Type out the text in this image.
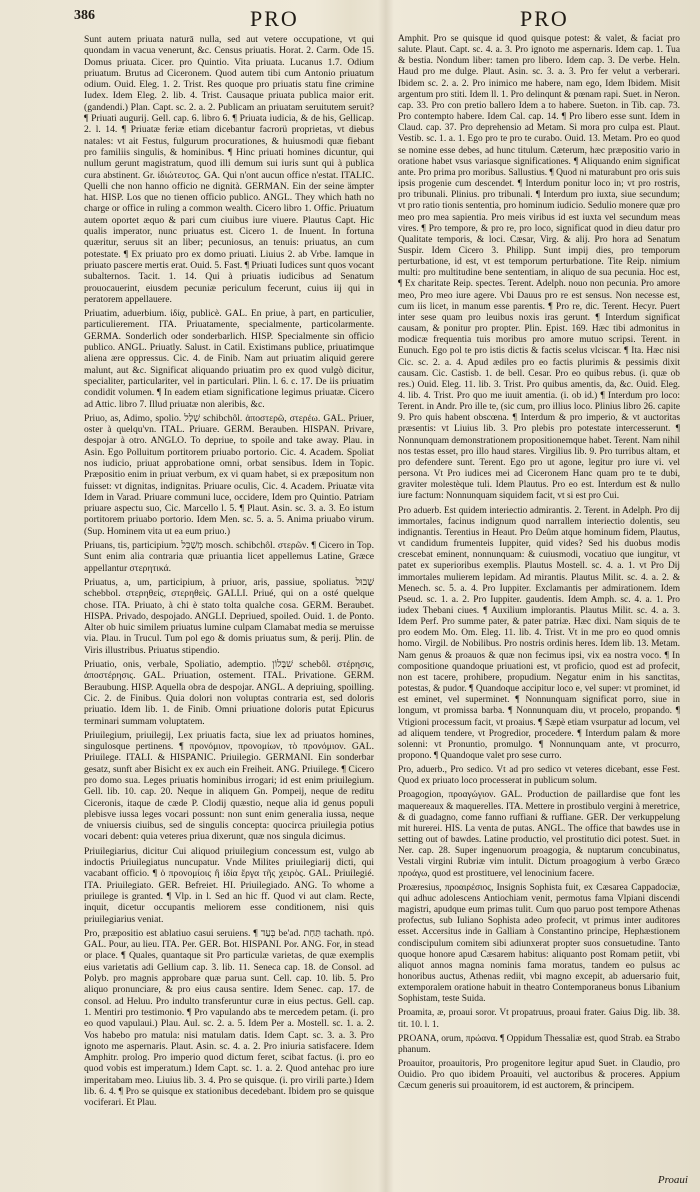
386	PRO	PRO

Sunt autem priuata naturā nulla, sed aut vetere occupatione, vt qui quondam in vacua venerunt, &c. Census priuatis. Horat. 2. Carm. Ode 15. Domus priuata. Cicer. pro Quintio. Vita priuata. Lucanus 1.7. Odium priuatum. Brutus ad Ciceronem. Quod autem tibi cum Antonio priuatum odium. Ouid. Eleg. 1. 2. Trist. Res quoque pro priuatis statu fine crimine Iudex. Idem Eleg. 2. lib. 4. Trist. Causaque priuata publica maior erit. (gandendi.) Plan. Capt. sc. 2. a. 2. Publicam an priuatam seruitutem seruit? ¶ Priuati augurij. Gell. cap. 6. libro 6. ¶ Priuata iudicia, & de his, Gellicap. 2. l. 14. ¶ Priuatæ feriæ etiam dicebantur facrorü proprietas, vt diebus natales: vt ait Festus, fulgurum procurationes, & huiusmodi quæ fiebant pro familiis singulis, & hominibus. ¶ Hinc priuati homines dicuntur, qui nullum gerunt magistratum, quod illi demum sui iuris sunt qui à publica cura abstinent. Gr. ἰδιώτευτος. GA. Qui n'ont aucun office n'estat. ITALIC. Quelli che non hanno officio ne dignità. GERMAN. Ein der seine ämpter hat. HISP. Los que no tienen officio publico. ANGL. They which hath no charge or office in ruling a common wealth. Cicero libro 1. Offic. Priuatum autem oportet æquo & pari cum ciuibus iure viuere. Plautus Capt. Hic qualis imperator, nunc priuatus est. Cicero 1. de Inuent. In fortuna quæritur, seruus sit an liber; pecuniosus, an tenuis: priuatus, an cum potestate. ¶ Ex priuato pro ex domo priuati. Liuius 2. ab Vrbe. Iamque in priuato pascere mertis erat. Ouid. 5. Fast. ¶ Priuati Iudices sunt quos vocant subalternos. Tacit. 1. 14. Qui à priuatis iudicibus ad Senatum prouocauerint, eiusdem pecuniæ periculum fecerunt, cuius iij qui in peratorem appellauere.

Priuatim, aduerbium. ἰδίᾳ, publicè. GAL. En priue, à part, en particulier, particulierement. ITA. Priuatamente, specialmente, particolarmente. GERMA. Sonderlich oder sonderbarlich. HISP. Specialmente sin officio publico. ANGL. Priuatly. Salust. in Catil. Existimans publice, priuatimque aliena ære oppressus. Cic. 4. de Finib. Nam aut priuatim aliquid gerere malunt, aut &c. Significat aliquando priuatim pro ex quod vulgò dicitur, specialiter, particulariter, vel in particulari. Plin. l. 6. c. 17. De iis priuatim condidit volumen. ¶ In eadem etiam significatione legimus priuatæ. Cicero ad Attic. libro 7. Illud priuatæ non aleribis, &c.

Priuo, as, Adimo, spolio. שָׁלַל schibchôl. ἀποστερῶ, στερέω. GAL. Priuer, oster à quelqu'vn. ITAL. Priuare. GERM. Berauben. HISPAN. Privare, despojar à otro. ANGLO. To depriue, to spoile and take away. Plau. in Asin. Ego Polluitum portitorem priuabo portorio. Cic. 4. Academ. Spoliat nos iudicio, priuat approbatione omni, orbat sensibus. Idem in Topic. Præpositio enim in priuat verbum, ex vi quam habet, si ex præpositum non fuisset: vt dignitas, indignitas. Priuare oculis, Cic. 4. Academ. Priuatæ vita Idem in Varad. Priuare communi luce, occidere, Idem pro Quintio. Patriam priuare aspectu suo, Cic. Marcello l. 5. ¶ Plaut. Asin. sc. 3. a. 3. Eo istum portitorem priuabo portorio. Idem Men. sc. 5. a. 5. Anima priuabo virum. (Sup. Hominem vita ut ea eum priuo.)

Priuans, tis, participium. מְשַׁכֵּל mosch. schibchôl. στερῶν. ¶ Cicero in Top. Sunt enim alia contraria quæ priuantia licet appellemus Latine, Græce appellantur στερητικά.

Priuatus, a, um, participium, à priuor, aris, passiue, spoliatus. שָׁבוּל schebbol. στερηθείς, στερηθεὶς. GALLI. Priué, qui on a osté quelque chose. ITA. Priuato, à chi è stato tolta qualche cosa. GERM. Beraubet. HISPA. Privado, despojado. ANGLI. Depriued, spoiled. Ouid. 1. de Ponto. Alter ob huic similem priuatus lumine culpam Clamabat media se meruisse via. Plau. in Trucul. Tum pol ego & domis priuatus sum, & perij. Plin. de Viris illustribus. Priuatus stipendio.

Priuatio, onis, verbale, Spoliatio, ademptio. שִׁבָּלוֹן schebôl. στέρησις, ἀποστέρησις. GAL. Priuation, ostement. ITAL. Privatione. GERM. Beraubung. HISP. Aquella obra de despojar. ANGL. A depriuing, spoilling. Cic. 2. de Finibus. Quia dolori non voluptas contraria est, sed doloris priuatio. Idem lib. 1. de Finib. Omni priuatione doloris putat Epicurus terminari summam voluptatem.

Priuilegium, priuilegij, Lex priuatis facta, siue lex ad priuatos homines, singulosque pertinens. ¶ προνόμιον, προνομίων, τὸ προνόμιον. GAL. Priuilege. ITALI. & HISPANIC. Priuilegio. GERMANI. Ein sonderbar gesatz, sunft aber Bisicht ex ex auch ein Freiheit. ANG. Priuilege. ¶ Cicero pro domo sua. Leges priuatis hominibus irrogari; id est enim priuilegium. Gell. lib. 10. cap. 20. Neque in aliquem Gn. Pompeij, neque de reditu Ciceronis, itaque de cæde P. Clodij quæstio, neque alia id genus populi plebisve iussa leges vocari possunt: non sunt enim generalia iussa, neque de vniuersis ciuibus, sed de singulis concepta: quocirca priuilegia potius vocari debent: quia veteres priua dixerunt, quæ nos singula dicimus.

Priuilegiarius, dicitur Cui aliquod priuilegium concessum est, vulgo ab indoctis Priuilegiatus nuncupatur. Vnde Milites priuilegiarij dicti, qui vacabant officio. ¶ ὁ προνομίοις ἢ ἰδία ἔργα τῆς χειρὸς. GAL. Priuilegié. ITA. Priuilegiato. GER. Befreiet. HI. Priuilegiado. ANG. To whome a priuilege is granted. ¶ Vlp. in l. Sed an hic ff. Quod vi aut clam. Recte, inquit, dicetur occupantis meliorem esse conditionem, nisi quis priuilegiarius veniat.

Pro, præpositio est ablatiuo casui seruiens. ¶ בְּעַד be'ad. תַּחַת tachath. πρό. GAL. Pour, au lieu. ITA. Per. GER. Bot. HISPANI. Por. ANG. For, in stead or place. ¶ Quales, quantaque sit Pro particulæ varietas, de quæ exemplis eius varietatis adi Gellium cap. 3. lib. 11. Seneca cap. 18. de Consol. ad Polyb. pro magnis approbare quæ parua sunt. Cell. cap. 10. lib. 5. Pro aliquo pronunciare, & pro eius causa sentire. Idem Senec. cap. 17. de consol. ad Heluu. Pro indulto transferuntur curæ in eius pectus. Gell. cap. 1. Mentiri pro testimonio. ¶ Pro vapulando abs te mercedem petam. (i. pro eo quod vapulaui.) Plau. Aul. sc. 2. a. 5. Idem Per a. Mostell. sc. 1. a. 2. Vos habebo pro matula: nisi matulam datis. Idem Capt. sc. 3. a. 3. Pro ignoto me aspernaris. Plaut. Asin. sc. 4. a. 2. Pro iniuria satisfacere. Idem Amphitr. prolog. Pro imperio quod dictum feret, scibat factus. (i. pro eo quod vobis est imperatum.) Idem Capt. sc. 1. a. 2. Quod antehac pro iure imperitabam meo. Liuius lib. 3. 4. Pro se quisque. (i. pro virili parte.) Idem lib. 6. 4. ¶ Pro se quisque ex stationibus decedebant. Ibidem pro se quisque vociferari. Et Plau.

Amphit. Pro se quisque id quod quisque potest: & valet, & faciat pro salute. Plaut. Capt. sc. 4. a. 3. Pro ignoto me aspernaris. Idem cap. 1. Tua & bestia. Nondum liber: tamen pro libero. Idem cap. 3. De verbe. Heln. Haud pro me dulge. Plaut. Asin. sc. 3. a. 3. Pro fer velut a verberari. Ibidem sc. 2. a. 2. Pro inimico me habere, nam ego, Idem Ibidem. Misit argentum pro stiti. Idem ll. 1. Pro delinqunt & pœnam rapi. Suet. in Neron. cap. 33. Pro con pretio ballero Idem a to habere. Sueton. in Tib. cap. 73. Pro contempto habere. Idem Cal. cap. 14. ¶ Pro libero esse sunt. Idem in Claud. cap. 37. Pro deprehensio ad Metam. Si mora pro culpa est. Plaut. Vestib. sc. 1. a. 1. Ego pro te pro te curabo. Ouid. 13. Metam. Pro eo quod se nomine esse debes, ad hunc titulum. Cæterum, hæc præpositio vario in oratione habet vsus variasque significationes. ¶ Aliquando enim significat ante. Pro prima pro moribus. Sallustius. ¶ Quod ni maturabunt pro oris suis ipsis progenie cum descendet. ¶ Interdum ponitur loco in; vt pro rostris, pro tribunali. Plinius. pro tribunali. ¶ Interdum pro iuxta, siue secundum; vt pro ratio tionis sententia, pro hominum iudicio. Sedulio monere quæ pro meo pro mea sapientia. Pro meis viribus id est iuxta vel secundum meas vires. ¶ Pro tempore, & pro re, pro loco, significat quod in dieu datur pro Qualitate temporis, & loci. Cæsar, Virg. & alij. Pro hora ad Senatum Suspir. Idem Cicero 3. Philipp. Sunt impij dies, pro temporum perturbatione, id est, vt est temporum perturbatione. Tite Reip. nimium multi: pro multitudine bene sententiam, in aliquo de sua pecunia. Hoc est, ¶ Ex charitate Reip. spectes. Terent. Adelph. nouo non pecunia. Pro amore meo, Pro meo iure agere. Vbi Dauus pro re est sensus. Non necesse est, cum iis licet, in manum esse parentis. ¶ Pro re, dic. Terent. Hecyr. Puert inter sese quam pro leuibus noxis iras gerunt. ¶ Interdum significat causam, & ponitur pro propter. Plin. Epist. 169. Hæc tibi admonitus in modicæ frequentia tuis moribus pro amore mutuo scripsi. Terent. in Eunuch. Ego pol te pro istis dictis & factis scelus vlciscar. ¶ Ita. Hæc nisi Cic. sc. 2. a. 4. Apud ædiles pro eo factis plurimis & pessimis dixit causam. Cic. Castisb. 1. de bell. Cesar. Pro eo quibus rebus. (i. quæ ob res.) Ouid. Eleg. 11. lib. 3. Trist. Pro quibus amentis, da, &c. Ouid. Eleg. 4. lib. 4. Trist. Pro quo me iuuit amentia. (i. ob id.) ¶ Interdum pro loco: Terent. in Andr. Pro ille te, (sic cum, pro illius loco. Plinius libro 26. capite 9. Pro quis habent obscœna. ¶ Interdum & pro imperio, & vt auctoritas præsentis: vt Liuius lib. 3. Pro plebis pro potestate intercesserunt. ¶ Nonnunquam demonstrationem propositionemque habet. Terent. Nam nihil nos testas esset, pro illo haud stares. Virgilius lib. 9. Pro turribus altam, et pro defendere sunt. Terent. Ego pro ut agone, legitur pro iure vi. vel persona. Vt Pro iudices mei ad Ciceronem Hanc quam pro te te dubi, graviter molestèque tuli. Idem Plautus. Pro eo est. Interdum est & nullo iure factum: Nonnunquam siquidem facit, vt si est pro Cui.

Pro aduerb. Est quidem interiectio admirantis. 2. Terent. in Adelph. Pro dij immortales, facinus indignum quod narrallem interiectio dolentis, seu indignantis. Terentius in Heaut. Pro Deûm atque hominum fidem, Plautus, vt candidum frumenteis Iuppiter, quid vides? Sed his duobus modis crescebat eminent, nonnunquam: & cuiusmodi, vocatiuo que iungitur, vt patet ex superioribus exemplis. Plautus Mostell. sc. 4. a. 1. vt Pro Dij immortales mulierem lepidam. Ad mirantis. Plautus Milit. sc. 4. a. 2. & Menech. sc. 5. a. 4. Pro Iuppiter. Exclamantis per admirationem. Idem Pseud. sc. 1. a. 2. Pro Iuppiter. gaudentis. Idem Amph. sc. 4. a. 1. Pro iudex Thebani ciues. ¶ Auxilium implorantis. Plautus Milit. sc. 4. a. 3. Idem Perf. Pro summe pater, & pater patriæ. Hæc dixi. Nam siquis de te pro eodem Mo. Om. Eleg. 11. lib. 4. Trist. Vt in me pro eo quod omnis homo. Virgil. de Nobilibus. Pro nostris ordinis heres. Idem lib. 13. Metam. Nam genus & proauos & quæ non fecimus ipsi, vix ea nostra voco. ¶ In compositione quandoque priuationi est, vt proficio, quod est ad profecit, non est tacere, prohibere, propudium. Negatur enim in his sanctitas, potestas, & pudor. ¶ Quandoque accipitur loco e, vel super: vt prominet, id est eminet, vel superminet. ¶ Nonnunquam significat porro, siue in longum, vt promissa barba. ¶ Nonnunquam diu, vt procelo, propando. ¶ Vtigioni processum facit, vt proaius. ¶ Sæpè etiam vsurpatur ad locum, vel ad aliquem tendere, vt Progredior, procedere. ¶ Interdum palam & more solenni: vt Pronuntio, promulgo. ¶ Nonnunquam ante, vt procurro, propono. ¶ Quandoque valet pro sese curro.

Pro, aduerb., Pro sedico. Vt ad pro sedico vt veteres dicebant, esse Fest. Quod ex priuato loco processerat in publicum solum.

Proagogion, προαγώγιον. GAL. Production de paillardise que font les maquereaux & maquerelles. ITA. Mettere in prostibulo vergini à meretrice, & di guadagno, come fanno ruffiani & ruffiane. GER. Der verkuppelung mit hurerei. HIS. La venta de putas. ANGL. The office that bawdes use in setting out of bawdes. Latine productio, vel prostitutio dici potest. Suet. in Ner. cap. 28. Super ingenuorum proagogia, & nuptarum concubinatus, Vestali virgini Rubriæ vim intulit. Dictum proagogium à verbo Græco προάγω, quod est prostituere, vel lenocinium facere.

Proæresius, προαιρέσιος, Insignis Sophista fuit, ex Cæsarea Cappadociæ, qui adhuc adolescens Antiochiam venit, permotus fama Vlpiani discendi magistri, apudque eum primas tulit. Cum quo paruo post tempore Athenas profectus, sub Iuliano Sophista adeo profecit, vt primus inter auditores esset. Accersitus inde in Galliam à Constantino principe, Hephæstionem condiscipulum comitem sibi adiunxerat propter suos consuetudine. Tanto quoque honore apud Cæsarem habitus: aliquanto post Romam petiit, vbi aliquot annos magna nominis fama moratus, tandem eo pulsus ac honoribus auctus, Athenas rediit, vbi magno excepit, ab aduersario fuit, extemporalem oratione habuit in theatro Contemporaneus bonus Libanium Sophistam, teste Suida.

Proamita, æ, proaui soror. Vt propatruus, proaui frater. Gaius Dig. lib. 38. tit. 10. l. 1.

PROANA, orum, πρώανα. ¶ Oppidum Thessaliæ est, quod Strab. ea Strabo phanum.

Proauitor, proauitoris, Pro progenitore legitur apud Suet. in Claudio, pro Ouidio. Pro quo ibidem Proauiti, vel auctoribus & proceres. Appium Cæcum generis sui proauitorem, id est auctorem, & principem.

Proaui
